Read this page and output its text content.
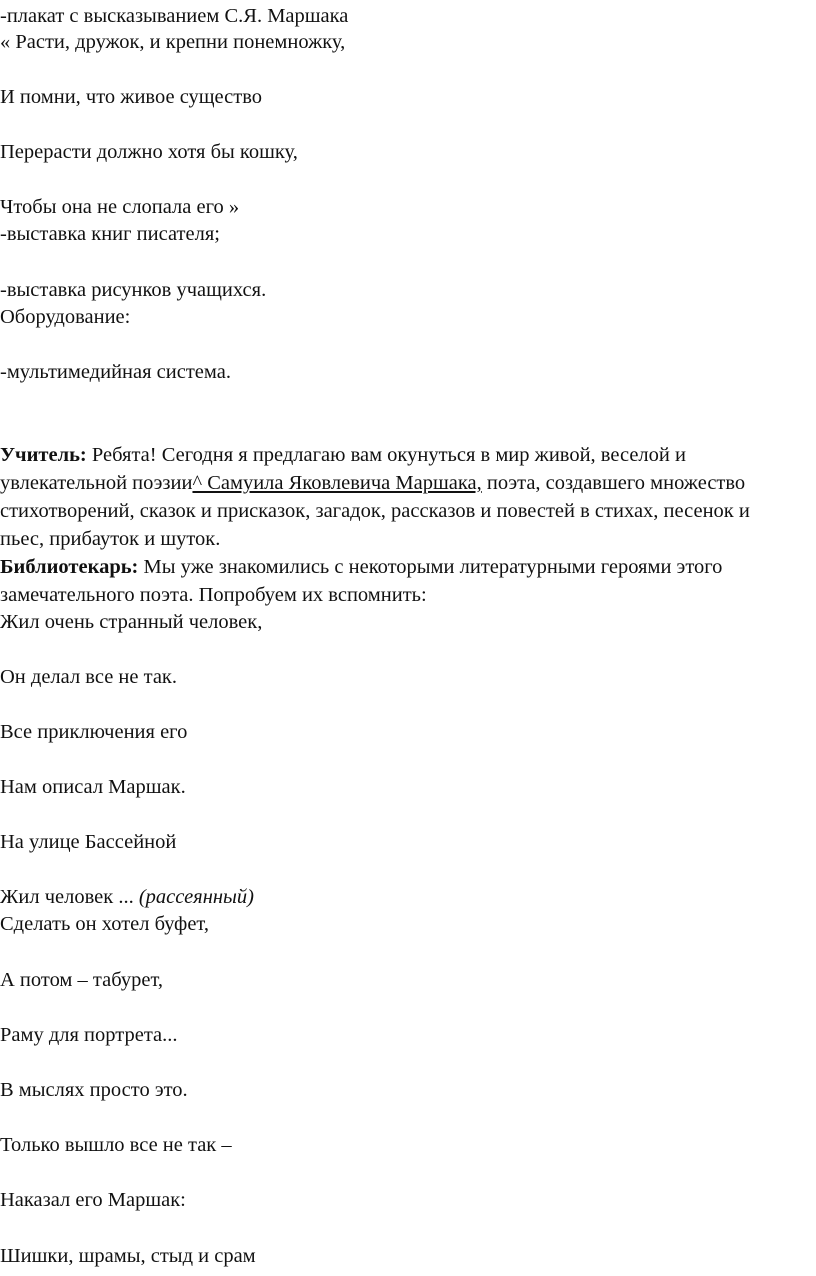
-плакат с высказыванием С.Я. Маршака
« Расти, дружок, и крепни понемножку,
И помни, что живое существо
Перерасти должно хотя бы кошку,
Чтобы она не слопала его »
-выставка книг писателя;
-выставка рисунков учащихся.
Оборудование:
-мультимедийная система.
Учитель: Ребята! Сегодня я предлагаю вам окунуться в мир живой, веселой и
увлекательной поэзии^ Самуила Яковлевича Маршака, поэта, создавшего множество
стихотворений, сказок и присказок, загадок, рассказов и повестей в стихах, песенок и
пьес, прибауток и шуток.
Библиотекарь: Мы уже знакомились с некоторыми литературными героями этого
замечательного поэта. Попробуем их вспомнить:
Жил очень странный человек,
Он делал все не так.
Все приключения его
Нам описал Маршак.
На улице Бассейной
Жил человек ... (рассеянный)
Сделать он хотел буфет,
А потом – табурет,
Раму для портрета...
В мыслях просто это.
Только вышло все не так –
Наказал его Маршак:
Шишки, шрамы, стыд и срам
